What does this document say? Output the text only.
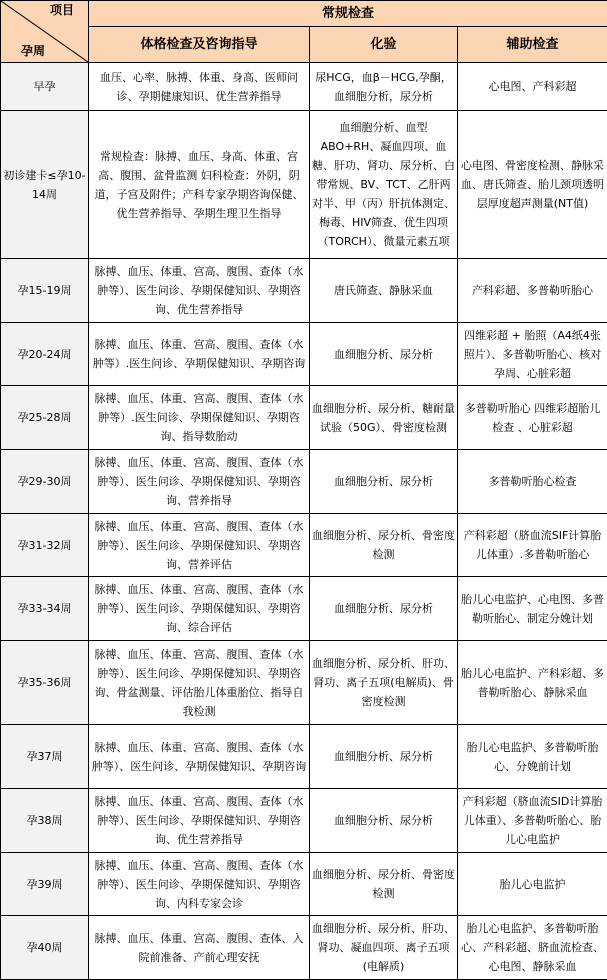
项目
孕周	常规检查		
	体格检查及咨询指导	化验	辅助检查
早孕	血压、心率、脉搏、体重、身高、医师问诊、孕期健康知识、优生营养指导	尿HCG，血β－HCG,孕酮，血细胞分析，尿分析	心电图、产科彩超
初诊建卡≤孕10-14周	常规检查：脉搏、血压、身高、体重、宫高、腹围、盆骨监测 妇科检查：外阴，阴道，子宫及附件；产科专家孕期咨询保健、优生营养指导、孕期生理卫生指导	血细胞分析、血型ABO+RH、凝血四项、血糖、肝功、肾功、尿分析、白带常规、BV、TCT、乙肝两对半、甲（丙）肝抗体测定、梅毒、HIV筛查、优生四项（TORCH）、微量元素五项	心电图、骨密度检测、静脉采血、唐氏筛查、胎儿颈项透明层厚度超声测量(NT值)
孕15-19周	脉搏、血压、体重、宫高、腹围、查体（水肿等）、医生问诊、孕期保健知识、孕期咨询、优生营养指导	唐氏筛查、静脉采血	产科彩超、多普勒听胎心
孕20-24周	脉搏、血压、体重、宫高、腹围、查体（水肿等）.医生问诊、孕期保健知识、孕期咨询	血细胞分析、尿分析	四维彩超 + 胎照（A4纸4张照片）、多普勒听胎心、核对孕周、心脏彩超
孕25-28周	脉搏、血压、体重、宫高、腹围、查体（水肿等）.医生问诊、孕期保健知识、孕期咨询、指导数胎动	血细胞分析、尿分析、糖耐量试验（50G）、骨密度检测	多普勒听胎心 四维彩超胎儿检查 、心脏彩超
孕29-30周	脉搏、血压、体重、宫高、腹围、查体（水肿等）、医生问诊、孕期保健知识、孕期咨询、营养指导	血细胞分析、尿分析	多普勒听胎心检查
孕31-32周	脉搏、血压、体重、宫高、腹围、查体（水肿等）、医生问诊、孕期保健知识、孕期咨询、营养评估	血细胞分析、尿分析、骨密度检测	产科彩超（脐血流SIF计算胎儿体重）.多普勒听胎心
孕33-34周	脉搏、血压、体重、宫高、腹围、查体（水肿等）、医生问诊、孕期保健知识、孕期咨询、综合评估	血细胞分析、尿分析	胎儿心电监护、心电图、多普勒听胎心、制定分娩计划
孕35-36周	脉搏、血压、体重、宫高、腹围、查体（水肿等）、医生问诊、孕期保健知识、孕期咨询、骨盆测量、评估胎儿体重胎位、指导自我检测	血细胞分析、尿分析、肝功、肾功、离子五项(电解质)、骨密度检测	胎儿心电监护、产科彩超、多普勒听胎心、静脉采血
孕37周	脉搏、血压、体重、宫高、腹围、查体（水肿等）、医生问诊、孕期保健知识、孕期咨询	血细胞分析、尿分析	胎儿心电监护、多普勒听胎心、分娩前计划
孕38周	脉搏、血压、体重、宫高、腹围、查体（水肿等）、医生问诊、孕期保健知识、孕期咨询、优生营养指导	血细胞分析、尿分析	产科彩超（脐血流SID计算胎儿体重）、多普勒听胎心、胎儿心电监护
孕39周	脉搏、血压、体重、宫高、腹围、查体（水肿等）、医生问诊、孕期保健知识、孕期咨询、内科专家会诊	血细胞分析、尿分析、骨密度检测	胎儿心电监护
孕40周	脉搏、血压、体重、宫高、腹围、查体、入院前准备、产前心理安抚	血细胞分析、尿分析、肝功、肾功、凝血四项、离子五项(电解质)	胎儿心电监护、多普勒听胎心、产科彩超、脐血流检查、心电图、静脉采血
